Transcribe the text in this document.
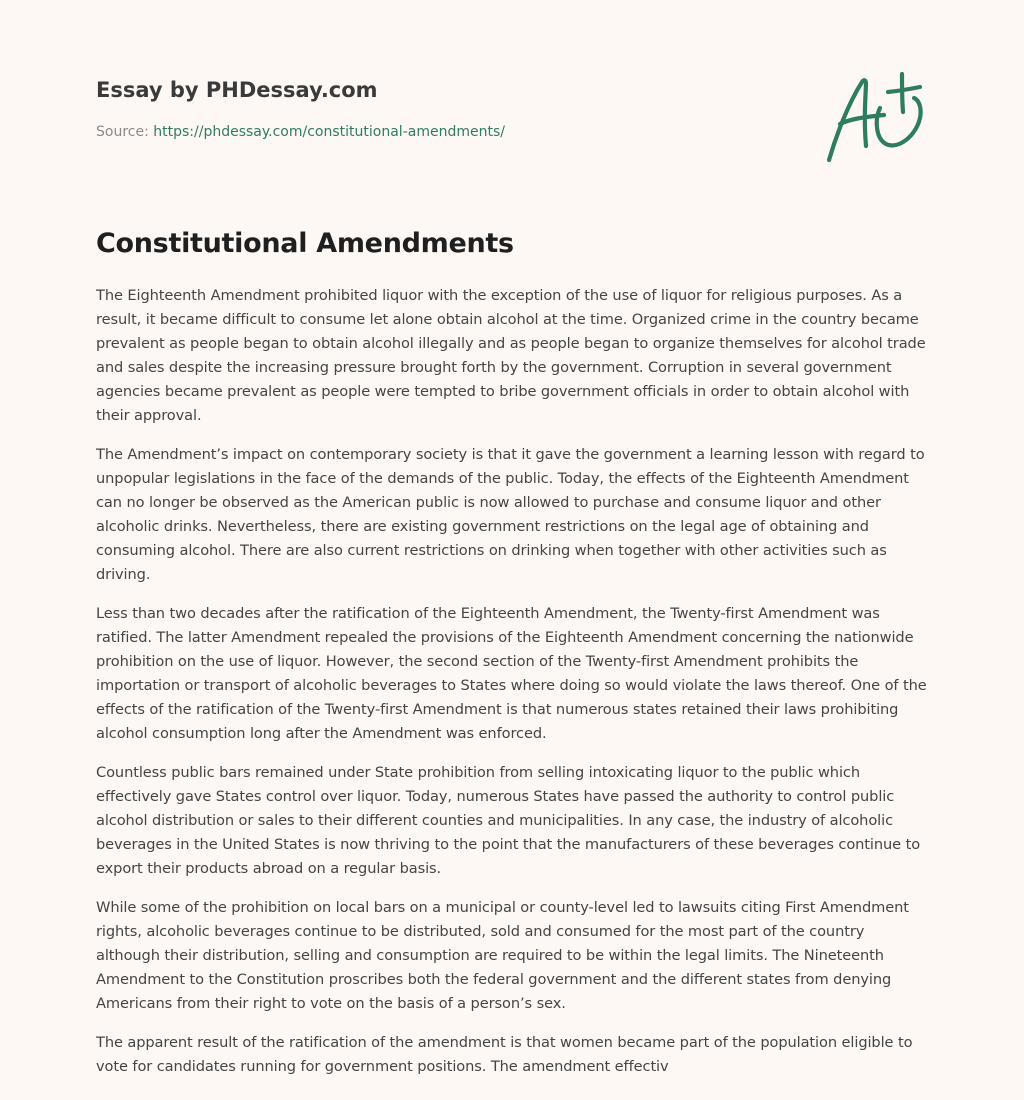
Essay by PHDessay.com
Source: https://phdessay.com/constitutional-amendments/
Constitutional Amendments

The Eighteenth Amendment prohibited liquor with the exception of the use of liquor for religious purposes. As a result, it became difficult to consume let alone obtain alcohol at the time. Organized crime in the country became prevalent as people began to obtain alcohol illegally and as people began to organize themselves for alcohol trade and sales despite the increasing pressure brought forth by the government. Corruption in several government agencies became prevalent as people were tempted to bribe government officials in order to obtain alcohol with their approval.

The Amendment’s impact on contemporary society is that it gave the government a learning lesson with regard to unpopular legislations in the face of the demands of the public. Today, the effects of the Eighteenth Amendment can no longer be observed as the American public is now allowed to purchase and consume liquor and other alcoholic drinks. Nevertheless, there are existing government restrictions on the legal age of obtaining and consuming alcohol. There are also current restrictions on drinking when together with other activities such as driving.

Less than two decades after the ratification of the Eighteenth Amendment, the Twenty-first Amendment was ratified. The latter Amendment repealed the provisions of the Eighteenth Amendment concerning the nationwide prohibition on the use of liquor. However, the second section of the Twenty-first Amendment prohibits the importation or transport of alcoholic beverages to States where doing so would violate the laws thereof. One of the effects of the ratification of the Twenty-first Amendment is that numerous states retained their laws prohibiting alcohol consumption long after the Amendment was enforced.

Countless public bars remained under State prohibition from selling intoxicating liquor to the public which effectively gave States control over liquor. Today, numerous States have passed the authority to control public alcohol distribution or sales to their different counties and municipalities. In any case, the industry of alcoholic beverages in the United States is now thriving to the point that the manufacturers of these beverages continue to export their products abroad on a regular basis.

While some of the prohibition on local bars on a municipal or county-level led to lawsuits citing First Amendment rights, alcoholic beverages continue to be distributed, sold and consumed for the most part of the country although their distribution, selling and consumption are required to be within the legal limits. The Nineteenth Amendment to the Constitution proscribes both the federal government and the different states from denying Americans from their right to vote on the basis of a person’s sex.

The apparent result of the ratification of the amendment is that women became part of the population eligible to vote for candidates running for government positions. The amendment effectiv
